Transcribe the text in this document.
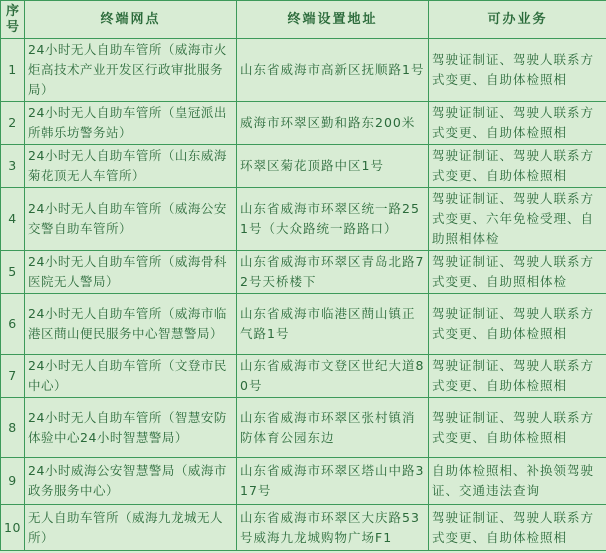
序号	终端网点	终端设置地址	可办业务
1	24小时无人自助车管所（威海市火炬高技术产业开发区行政审批服务局）	山东省威海市高新区抚顺路1号	驾驶证制证、驾驶人联系方式变更、自助体检照相
2	24小时无人自助车管所（皇冠派出所韩乐坊警务站）	威海市环翠区勤和路东200米	驾驶证制证、驾驶人联系方式变更、自助体检照相
3	24小时无人自助车管所（山东威海菊花顶无人车管所）	环翠区菊花顶路中区1号	驾驶证制证、驾驶人联系方式变更、自助体检照相
4	24小时无人自助车管所（威海公安交警自助车管所）	山东省威海市环翠区统一路251号（大众路统一路路口）	驾驶证制证、驾驶人联系方式变更、六年免检受理、自助照相体检
5	24小时无人自助车管所（威海骨科医院无人警局）	山东省威海市环翠区青岛北路72号天桥楼下	驾驶证制证、驾驶人联系方式变更、自助照相体检
6	24小时无人自助车管所（威海市临港区蔄山便民服务中心智慧警局）	山东省威海市临港区蔄山镇正气路1号	驾驶证制证、驾驶人联系方式变更、自助体检照相
7	24小时无人自助车管所（文登市民中心）	山东省威海市文登区世纪大道80号	驾驶证制证、驾驶人联系方式变更、自助体检照相
8	24小时无人自助车管所（智慧安防体验中心24小时智慧警局）	山东省威海市环翠区张村镇消防体育公园东边	驾驶证制证、驾驶人联系方式变更、自助体检照相
9	24小时威海公安智慧警局（威海市政务服务中心）	山东省威海市环翠区塔山中路317号	自助体检照相、补换领驾驶证、交通违法查询
10	无人自助车管所（威海九龙城无人所）	山东省威海市环翠区大庆路53号威海九龙城购物广场F1	驾驶证制证、驾驶人联系方式变更、自助体检照相
